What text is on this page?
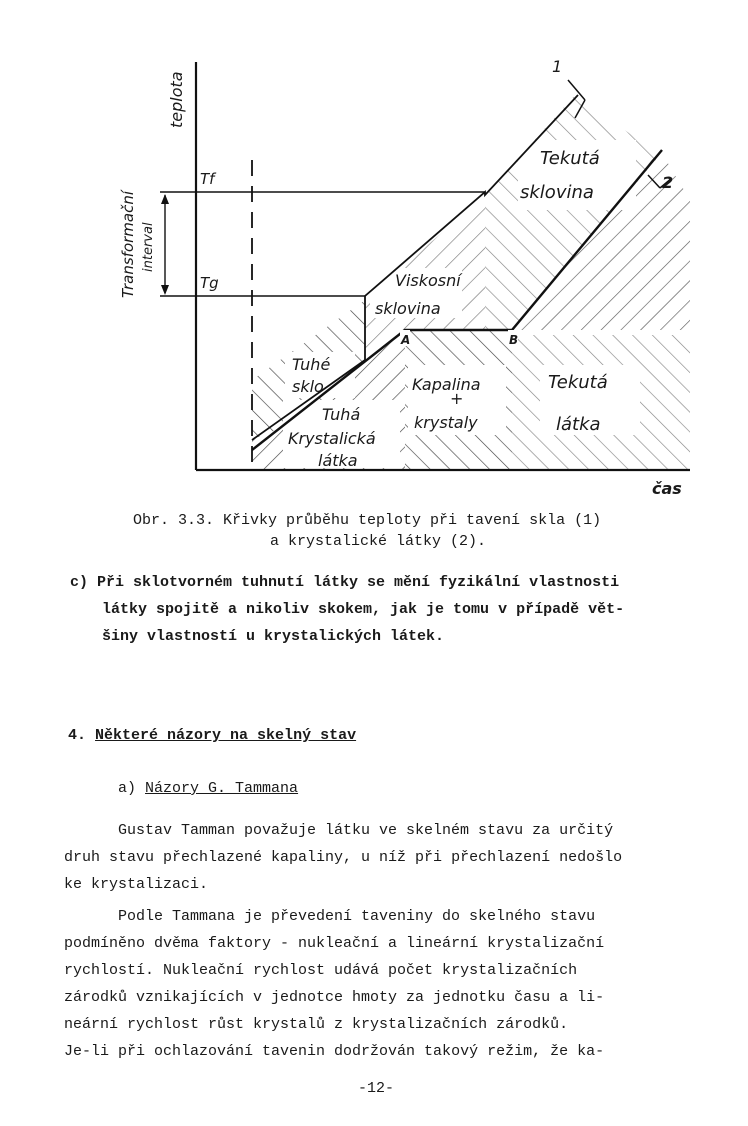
teplota
čas
Transformační interval
Tf
Tg
1
2
A	B
Tekutá
sklovina
Viskosní
sklovina
Tuhé
sklo
Tuhá
Krystalická
látka
Kapalina
+
krystaly
Tekutá
látka
Obr. 3.3. Křivky průběhu teploty při tavení skla (1)
a krystalické látky (2).
c) Při sklotvorném tuhnutí látky se mění fyzikální vlastnosti
látky spojitě a nikoliv skokem, jak je tomu v případě vět-
šiny vlastností u krystalických látek.
4. Některé názory na skelný stav
a) Názory G. Tammana
Gustav Tamman považuje látku ve skelném stavu za určitý
druh stavu přechlazené kapaliny, u níž při přechlazení nedošlo
ke krystalizaci.
Podle Tammana je převedení taveniny do skelného stavu
podmíněno dvěma faktory - nukleační a lineární krystalizační
rychlostí. Nukleační rychlost udává počet krystalizačních
zárodků vznikajících v jednotce hmoty za jednotku času a li-
neární rychlost růst krystalů z krystalizačních zárodků.
Je-li při ochlazování tavenin dodržován takový režim, že ka-
-12-
